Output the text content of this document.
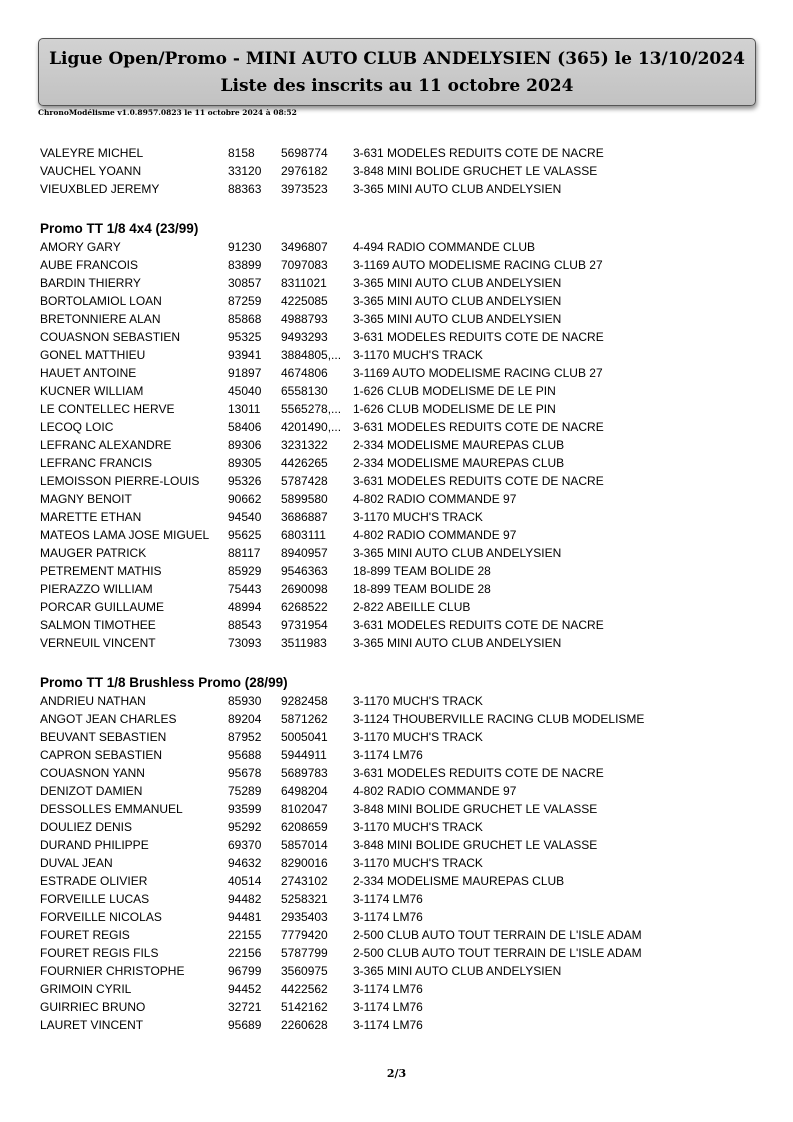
Ligue Open/Promo - MINI AUTO CLUB ANDELYSIEN (365) le 13/10/2024
Liste des inscrits au 11 octobre 2024
ChronoModélisme v1.0.8957.0823 le 11 octobre 2024 à 08:52
VALEYRE MICHEL	8158 5698774	3-631 MODELES REDUITS COTE DE NACRE
VAUCHEL YOANN	33120 2976182	3-848 MINI BOLIDE GRUCHET LE VALASSE
VIEUXBLED JEREMY	88363 3973523	3-365 MINI AUTO CLUB ANDELYSIEN
Promo TT 1/8 4x4 (23/99)
AMORY GARY	91230 3496807	4-494 RADIO COMMANDE CLUB
AUBE FRANCOIS	83899 7097083	3-1169 AUTO MODELISME RACING CLUB 27
BARDIN THIERRY	30857 8311021	3-365 MINI AUTO CLUB ANDELYSIEN
BORTOLAMIOL LOAN	87259 4225085	3-365 MINI AUTO CLUB ANDELYSIEN
BRETONNIERE ALAN	85868 4988793	3-365 MINI AUTO CLUB ANDELYSIEN
COUASNON SEBASTIEN	95325 9493293	3-631 MODELES REDUITS COTE DE NACRE
GONEL MATTHIEU	93941 3884805,... 3-1170 MUCH'S TRACK
HAUET ANTOINE	91897 4674806	3-1169 AUTO MODELISME RACING CLUB 27
KUCNER WILLIAM	45040 6558130	1-626 CLUB MODELISME DE LE PIN
LE CONTELLEC HERVE	13011 5565278,... 1-626 CLUB MODELISME DE LE PIN
LECOQ LOIC	58406 4201490,... 3-631 MODELES REDUITS COTE DE NACRE
LEFRANC ALEXANDRE	89306 3231322	2-334 MODELISME MAUREPAS CLUB
LEFRANC FRANCIS	89305 4426265	2-334 MODELISME MAUREPAS CLUB
LEMOISSON PIERRE-LOUIS 95326 5787428	3-631 MODELES REDUITS COTE DE NACRE
MAGNY BENOIT	90662 5899580	4-802 RADIO COMMANDE 97
MARETTE ETHAN	94540 3686887	3-1170 MUCH'S TRACK
MATEOS LAMA JOSE MIGUEL 95625 6803111	4-802 RADIO COMMANDE 97
MAUGER PATRICK	88117 8940957	3-365 MINI AUTO CLUB ANDELYSIEN
PETREMENT MATHIS	85929 9546363	18-899 TEAM BOLIDE 28
PIERAZZO WILLIAM	75443 2690098	18-899 TEAM BOLIDE 28
PORCAR GUILLAUME	48994 6268522	2-822 ABEILLE CLUB
SALMON TIMOTHEE	88543 9731954	3-631 MODELES REDUITS COTE DE NACRE
VERNEUIL VINCENT	73093 3511983	3-365 MINI AUTO CLUB ANDELYSIEN
Promo TT 1/8 Brushless Promo (28/99)
ANDRIEU NATHAN	85930 9282458	3-1170 MUCH'S TRACK
ANGOT JEAN CHARLES	89204 5871262	3-1124 THOUBERVILLE RACING CLUB MODELISME
BEUVANT SEBASTIEN	87952 5005041	3-1170 MUCH'S TRACK
CAPRON SEBASTIEN	95688 5944911	3-1174 LM76
COUASNON YANN	95678 5689783	3-631 MODELES REDUITS COTE DE NACRE
DENIZOT DAMIEN	75289 6498204	4-802 RADIO COMMANDE 97
DESSOLLES EMMANUEL	93599 8102047	3-848 MINI BOLIDE GRUCHET LE VALASSE
DOULIEZ DENIS	95292 6208659	3-1170 MUCH'S TRACK
DURAND PHILIPPE	69370 5857014	3-848 MINI BOLIDE GRUCHET LE VALASSE
DUVAL JEAN	94632 8290016	3-1170 MUCH'S TRACK
ESTRADE OLIVIER	40514 2743102	2-334 MODELISME MAUREPAS CLUB
FORVEILLE LUCAS	94482 5258321	3-1174 LM76
FORVEILLE NICOLAS	94481 2935403	3-1174 LM76
FOURET REGIS	22155 7779420	2-500 CLUB AUTO TOUT TERRAIN DE L'ISLE ADAM
FOURET REGIS FILS	22156 5787799	2-500 CLUB AUTO TOUT TERRAIN DE L'ISLE ADAM
FOURNIER CHRISTOPHE	96799 3560975	3-365 MINI AUTO CLUB ANDELYSIEN
GRIMOIN CYRIL	94452 4422562	3-1174 LM76
GUIRRIEC BRUNO	32721 5142162	3-1174 LM76
LAURET VINCENT	95689 2260628	3-1174 LM76
2/3
